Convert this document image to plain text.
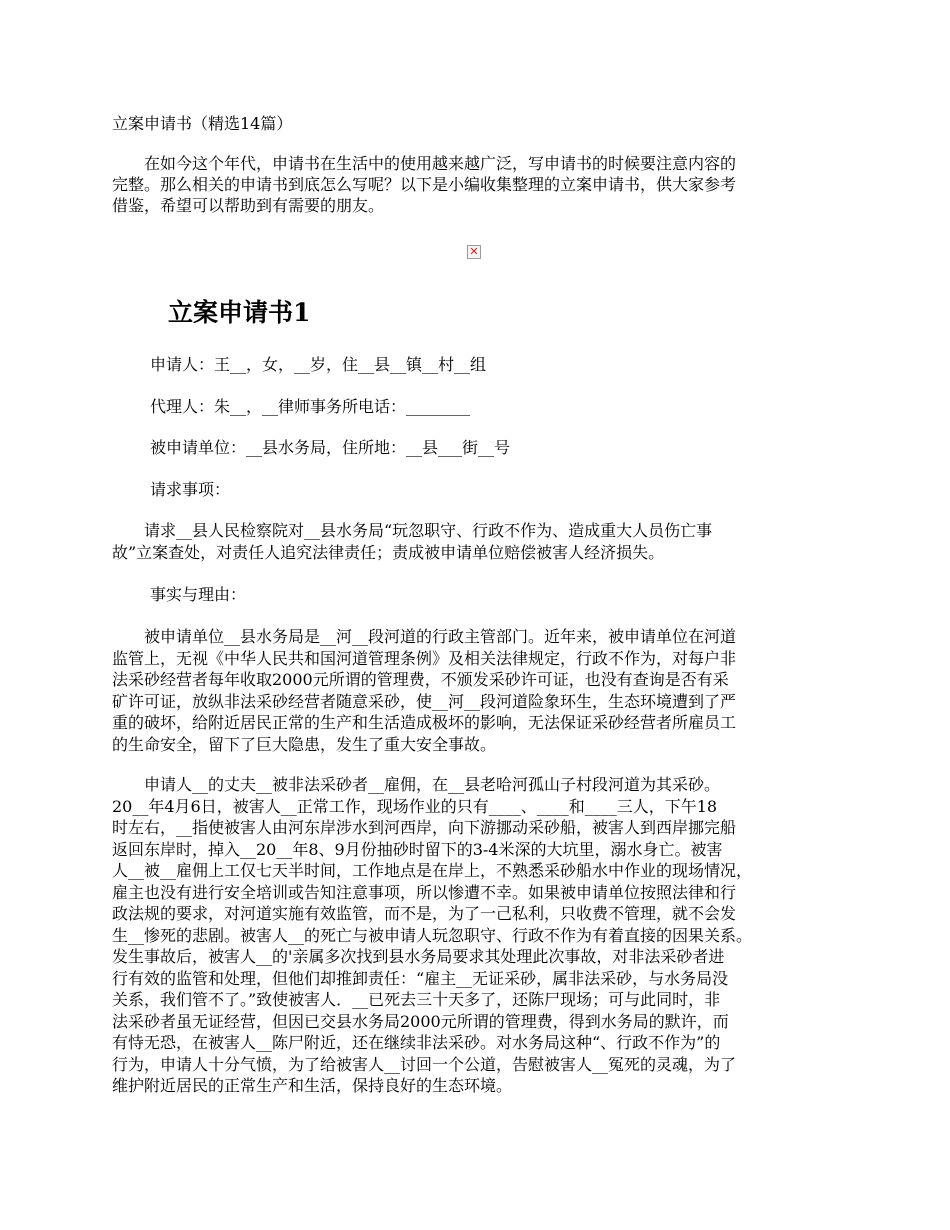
立案申请书（精选14篇）
　　在如今这个年代，申请书在生活中的使用越来越广泛，写申请书的时候要注意内容的
完整。那么相关的申请书到底怎么写呢？以下是小编收集整理的立案申请书，供大家参考
借鉴，希望可以帮助到有需要的朋友。
✕
立案申请书1
申请人：王__，女，__岁，住__县__镇__村__组
代理人：朱__，__律师事务所电话：________
被申请单位：__县水务局，住所地：__县___街__号
请求事项：
　　请求__县人民检察院对__县水务局“玩忽职守、行政不作为、造成重大人员伤亡事
故”立案查处，对责任人追究法律责任；责成被申请单位赔偿被害人经济损失。
事实与理由：
　　被申请单位__县水务局是__河__段河道的行政主管部门。近年来，被申请单位在河道
监管上，无视《中华人民共和国河道管理条例》及相关法律规定，行政不作为，对每户非
法采砂经营者每年收取2000元所谓的管理费，不颁发采砂许可证，也没有查询是否有采
矿许可证，放纵非法采砂经营者随意采砂，使__河__段河道险象环生，生态环境遭到了严
重的破坏，给附近居民正常的生产和生活造成极坏的影响，无法保证采砂经营者所雇员工
的生命安全，留下了巨大隐患，发生了重大安全事故。
　　申请人__的丈夫__被非法采砂者__雇佣，在__县老哈河孤山子村段河道为其采砂。
20__年4月6日，被害人__正常工作，现场作业的只有____、____和____三人，下午18
时左右，__指使被害人由河东岸涉水到河西岸，向下游挪动采砂船，被害人到西岸挪完船
返回东岸时，掉入__20__年8、9月份抽砂时留下的3-4米深的大坑里，溺水身亡。被害
人__被__雇佣上工仅七天半时间，工作地点是在岸上，不熟悉采砂船水中作业的现场情况，
雇主也没有进行安全培训或告知注意事项，所以惨遭不幸。如果被申请单位按照法律和行
政法规的要求，对河道实施有效监管，而不是，为了一己私利，只收费不管理，就不会发
生__惨死的悲剧。被害人__的死亡与被申请人玩忽职守、行政不作为有着直接的因果关系。
发生事故后，被害人__的'亲属多次找到县水务局要求其处理此次事故，对非法采砂者进
行有效的监管和处理，但他们却推卸责任：“雇主__无证采砂，属非法采砂，与水务局没
关系，我们管不了。”致使被害人．__已死去三十天多了，还陈尸现场；可与此同时，非
法采砂者虽无证经营，但因已交县水务局2000元所谓的管理费，得到水务局的默许，而
有恃无恐，在被害人__陈尸附近，还在继续非法采砂。对水务局这种“、行政不作为”的
行为，申请人十分气愤，为了给被害人__讨回一个公道，告慰被害人__冤死的灵魂，为了
维护附近居民的正常生产和生活，保持良好的生态环境。
